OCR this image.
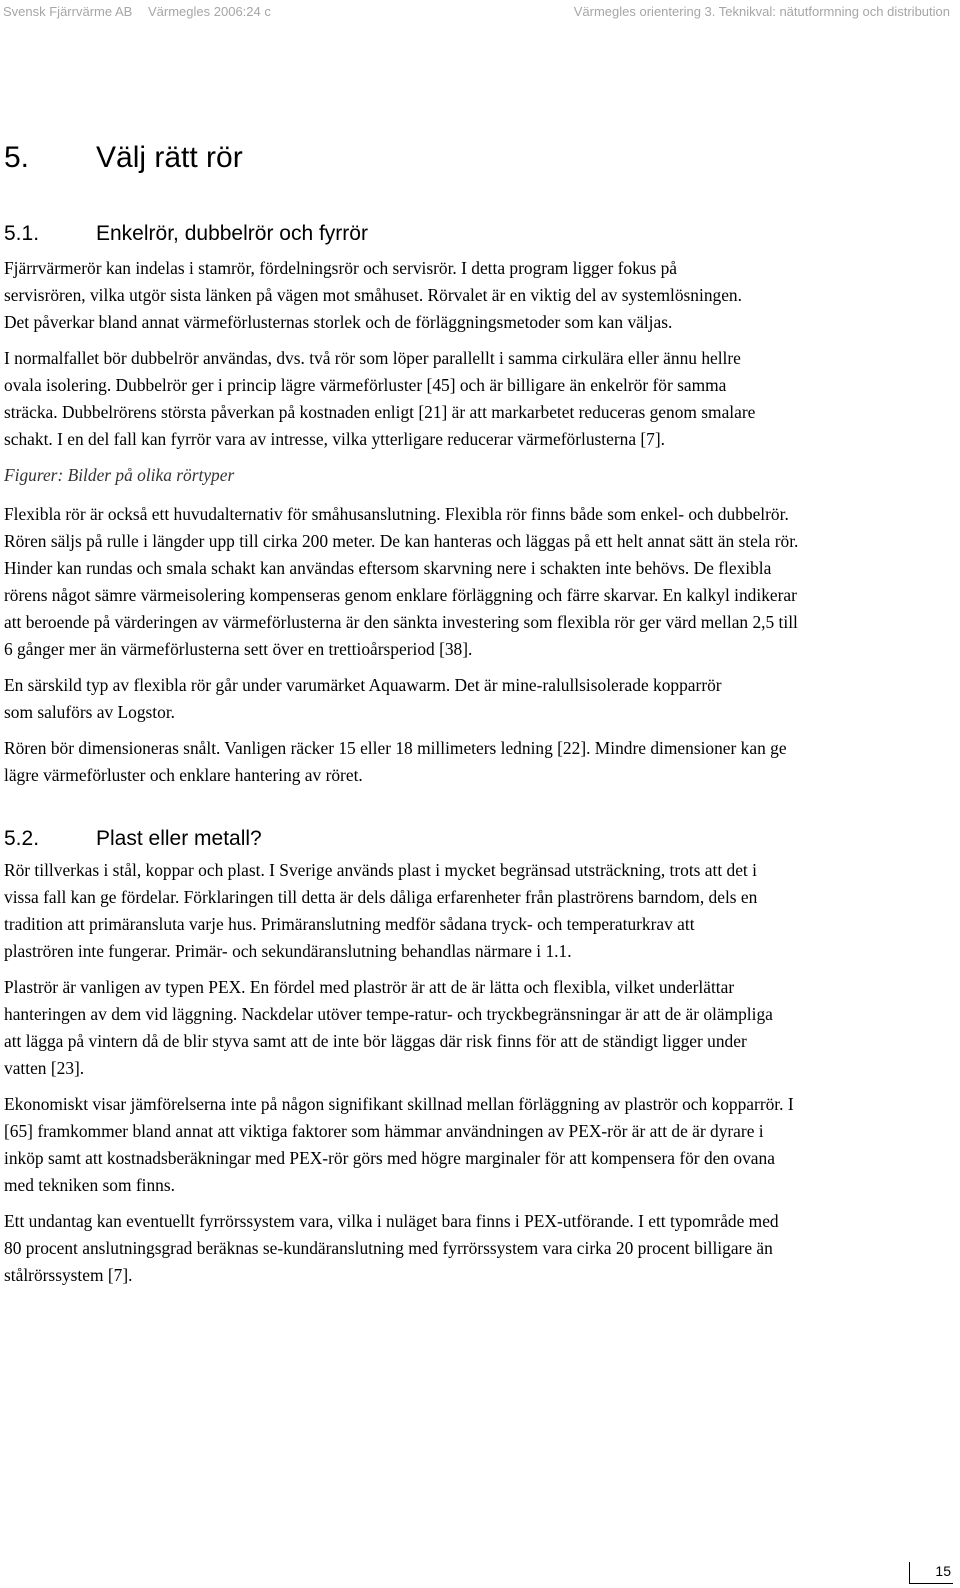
Svensk Fjärrvärme AB Värmegles 2006:24 c	Värmegles orientering 3. Teknikval: nätutformning och distribution
5. Välj rätt rör
5.1.	Enkelrör, dubbelrör och fyrrör

Fjärrvärmerör kan indelas i stamrör, fördelningsrör och servisrör. I detta program ligger fokus på servisrören, vilka utgör sista länken på vägen mot småhuset. Rörvalet är en viktig del av systemlösningen. Det påverkar bland annat värmeförlusternas storlek och de förläggningsmetoder som kan väljas.

I normalfallet bör dubbelrör användas, dvs. två rör som löper parallellt i samma cirkulära eller ännu hellre ovala isolering. Dubbelrör ger i princip lägre värmeförluster [45] och är billigare än enkelrör för samma sträcka. Dubbelrörens största påverkan på kostnaden enligt [21] är att markarbetet reduceras genom smalare schakt. I en del fall kan fyrrör vara av intresse, vilka ytterligare reducerar värmeförlusterna [7].

Figurer: Bilder på olika rörtyper

Flexibla rör är också ett huvudalternativ för småhusanslutning. Flexibla rör finns både som enkel- och dubbelrör. Rören säljs på rulle i längder upp till cirka 200 meter. De kan hanteras och läggas på ett helt annat sätt än stela rör. Hinder kan rundas och smala schakt kan användas eftersom skarvning nere i schakten inte behövs. De flexibla rörens något sämre värmeisolering kompenseras genom enklare förläggning och färre skarvar. En kalkyl indikerar att beroende på värderingen av värmeförlusterna är den sänkta investering som flexibla rör ger värd mellan 2,5 till 6 gånger mer än värmeförlusterna sett över en trettioårsperiod [38].

En särskild typ av flexibla rör går under varumärket Aquawarm. Det är mine-ralullsisolerade kopparrör som saluförs av Logstor.

Rören bör dimensioneras snålt. Vanligen räcker 15 eller 18 millimeters ledning [22]. Mindre dimensioner kan ge lägre värmeförluster och enklare hantering av röret.

5.2.	Plast eller metall?

Rör tillverkas i stål, koppar och plast. I Sverige används plast i mycket begränsad utsträckning, trots att det i vissa fall kan ge fördelar. Förklaringen till detta är dels dåliga erfarenheter från plaströrens barndom, dels en tradition att primäransluta varje hus. Primäranslutning medför sådana tryck- och temperaturkrav att plaströren inte fungerar. Primär- och sekundäranslutning behandlas närmare i 1.1.

Plaströr är vanligen av typen PEX. En fördel med plaströr är att de är lätta och flexibla, vilket underlättar hanteringen av dem vid läggning. Nackdelar utöver tempe-ratur- och tryckbegränsningar är att de är olämpliga att lägga på vintern då de blir styva samt att de inte bör läggas där risk finns för att de ständigt ligger under vatten [23].

Ekonomiskt visar jämförelserna inte på någon signifikant skillnad mellan förläggning av plaströr och kopparrör. I [65] framkommer bland annat att viktiga faktorer som hämmar användningen av PEX-rör är att de är dyrare i inköp samt att kostnadsberäkningar med PEX-rör görs med högre marginaler för att kompensera för den ovana med tekniken som finns.

Ett undantag kan eventuellt fyrrörssystem vara, vilka i nuläget bara finns i PEX-utförande. I ett typområde med 80 procent anslutningsgrad beräknas se-kundäranslutning med fyrrörssystem vara cirka 20 procent billigare än stålrörssystem [7].

15
